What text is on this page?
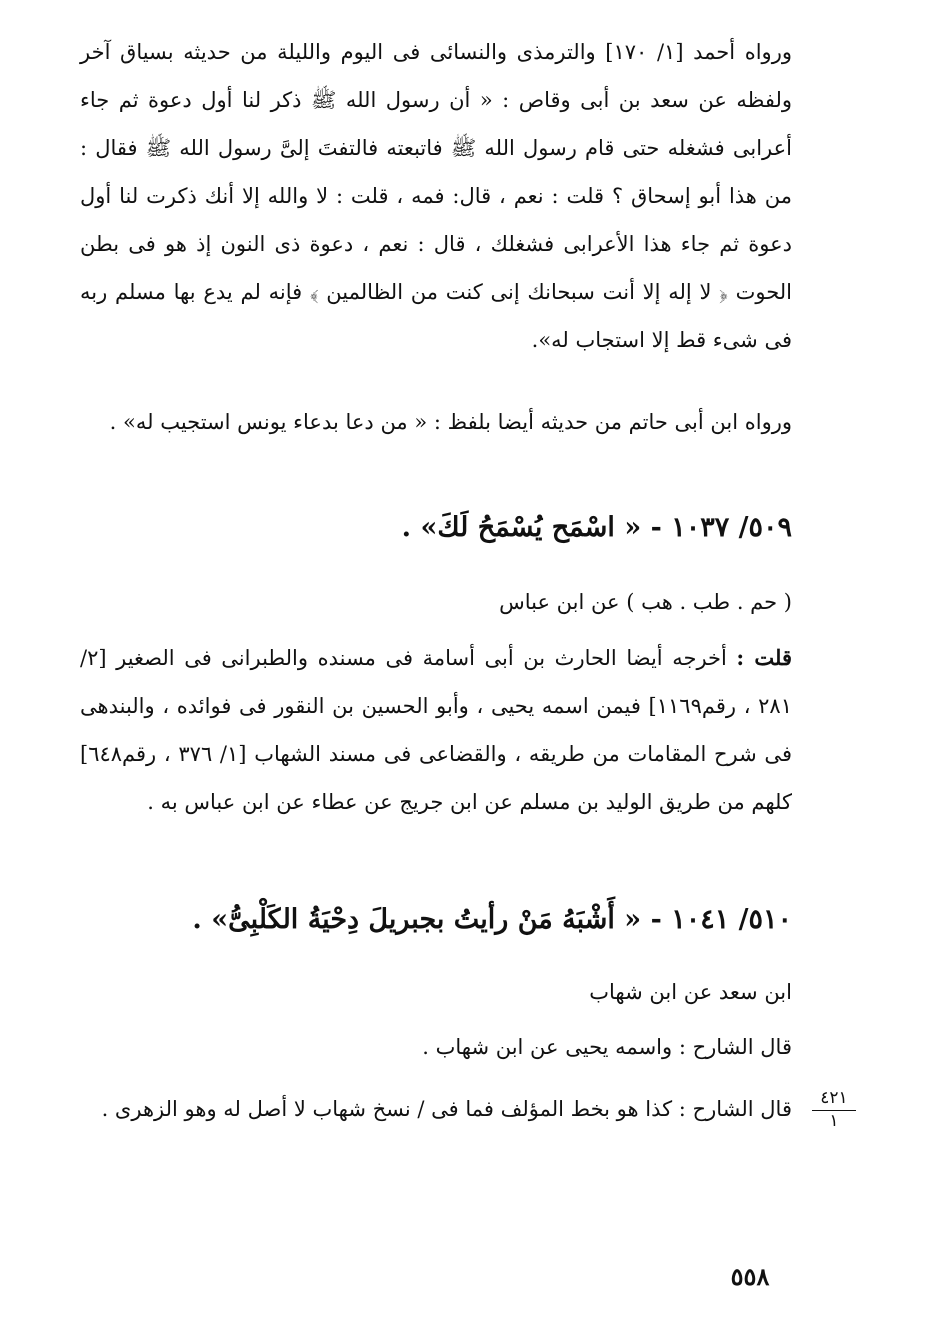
ورواه أحمد [١/ ١٧٠] والترمذى والنسائى فى اليوم والليلة من حديثه بسياق آخر ولفظه عن سعد بن أبى وقاص : « أن رسول الله ﷺ ذكر لنا أول دعوة ثم جاء أعرابى فشغله حتى قام رسول الله ﷺ فاتبعته فالتفتَ إلىَّ رسول الله ﷺ فقال : من هذا أبو إسحاق ؟ قلت : نعم ، قال: فمه ، قلت : لا والله إلا أنك ذكرت لنا أول دعوة ثم جاء هذا الأعرابى فشغلك ، قال : نعم ، دعوة ذى النون إذ هو فى بطن الحوت ﴿ لا إله إلا أنت سبحانك إنى كنت من الظالمين ﴾ فإنه لم يدع بها مسلم ربه فى شىء قط إلا استجاب له».
ورواه ابن أبى حاتم من حديثه أيضا بلفظ : « من دعا بدعاء يونس استجيب له» .
٥٠٩/ ١٠٣٧ - « اسْمَح يُسْمَحُ لَكَ» .
( حم . طب . هب ) عن ابن عباس
قلت : أخرجه أيضا الحارث بن أبى أسامة فى مسنده والطبرانى فى الصغير [٢/ ٢٨١ ، رقم١١٦٩] فيمن اسمه يحيى ، وأبو الحسين بن النقور فى فوائده ، والبندهى فى شرح المقامات من طريقه ، والقضاعى فى مسند الشهاب [١/ ٣٧٦ ، رقم٦٤٨] كلهم من طريق الوليد بن مسلم عن ابن جريج عن عطاء عن ابن عباس به .
٥١٠/ ١٠٤١ - « أَشْبَهُ مَنْ رأيتُ بجبريلَ دِحْيَةُ الكَلْبِىُّ» .
ابن سعد عن ابن شهاب
قال الشارح : واسمه يحيى عن ابن شهاب .
قال الشارح : كذا هو بخط المؤلف فما فى / نسخ شهاب لا أصل له وهو الزهرى .	٤٢١
١
٥٥٨
